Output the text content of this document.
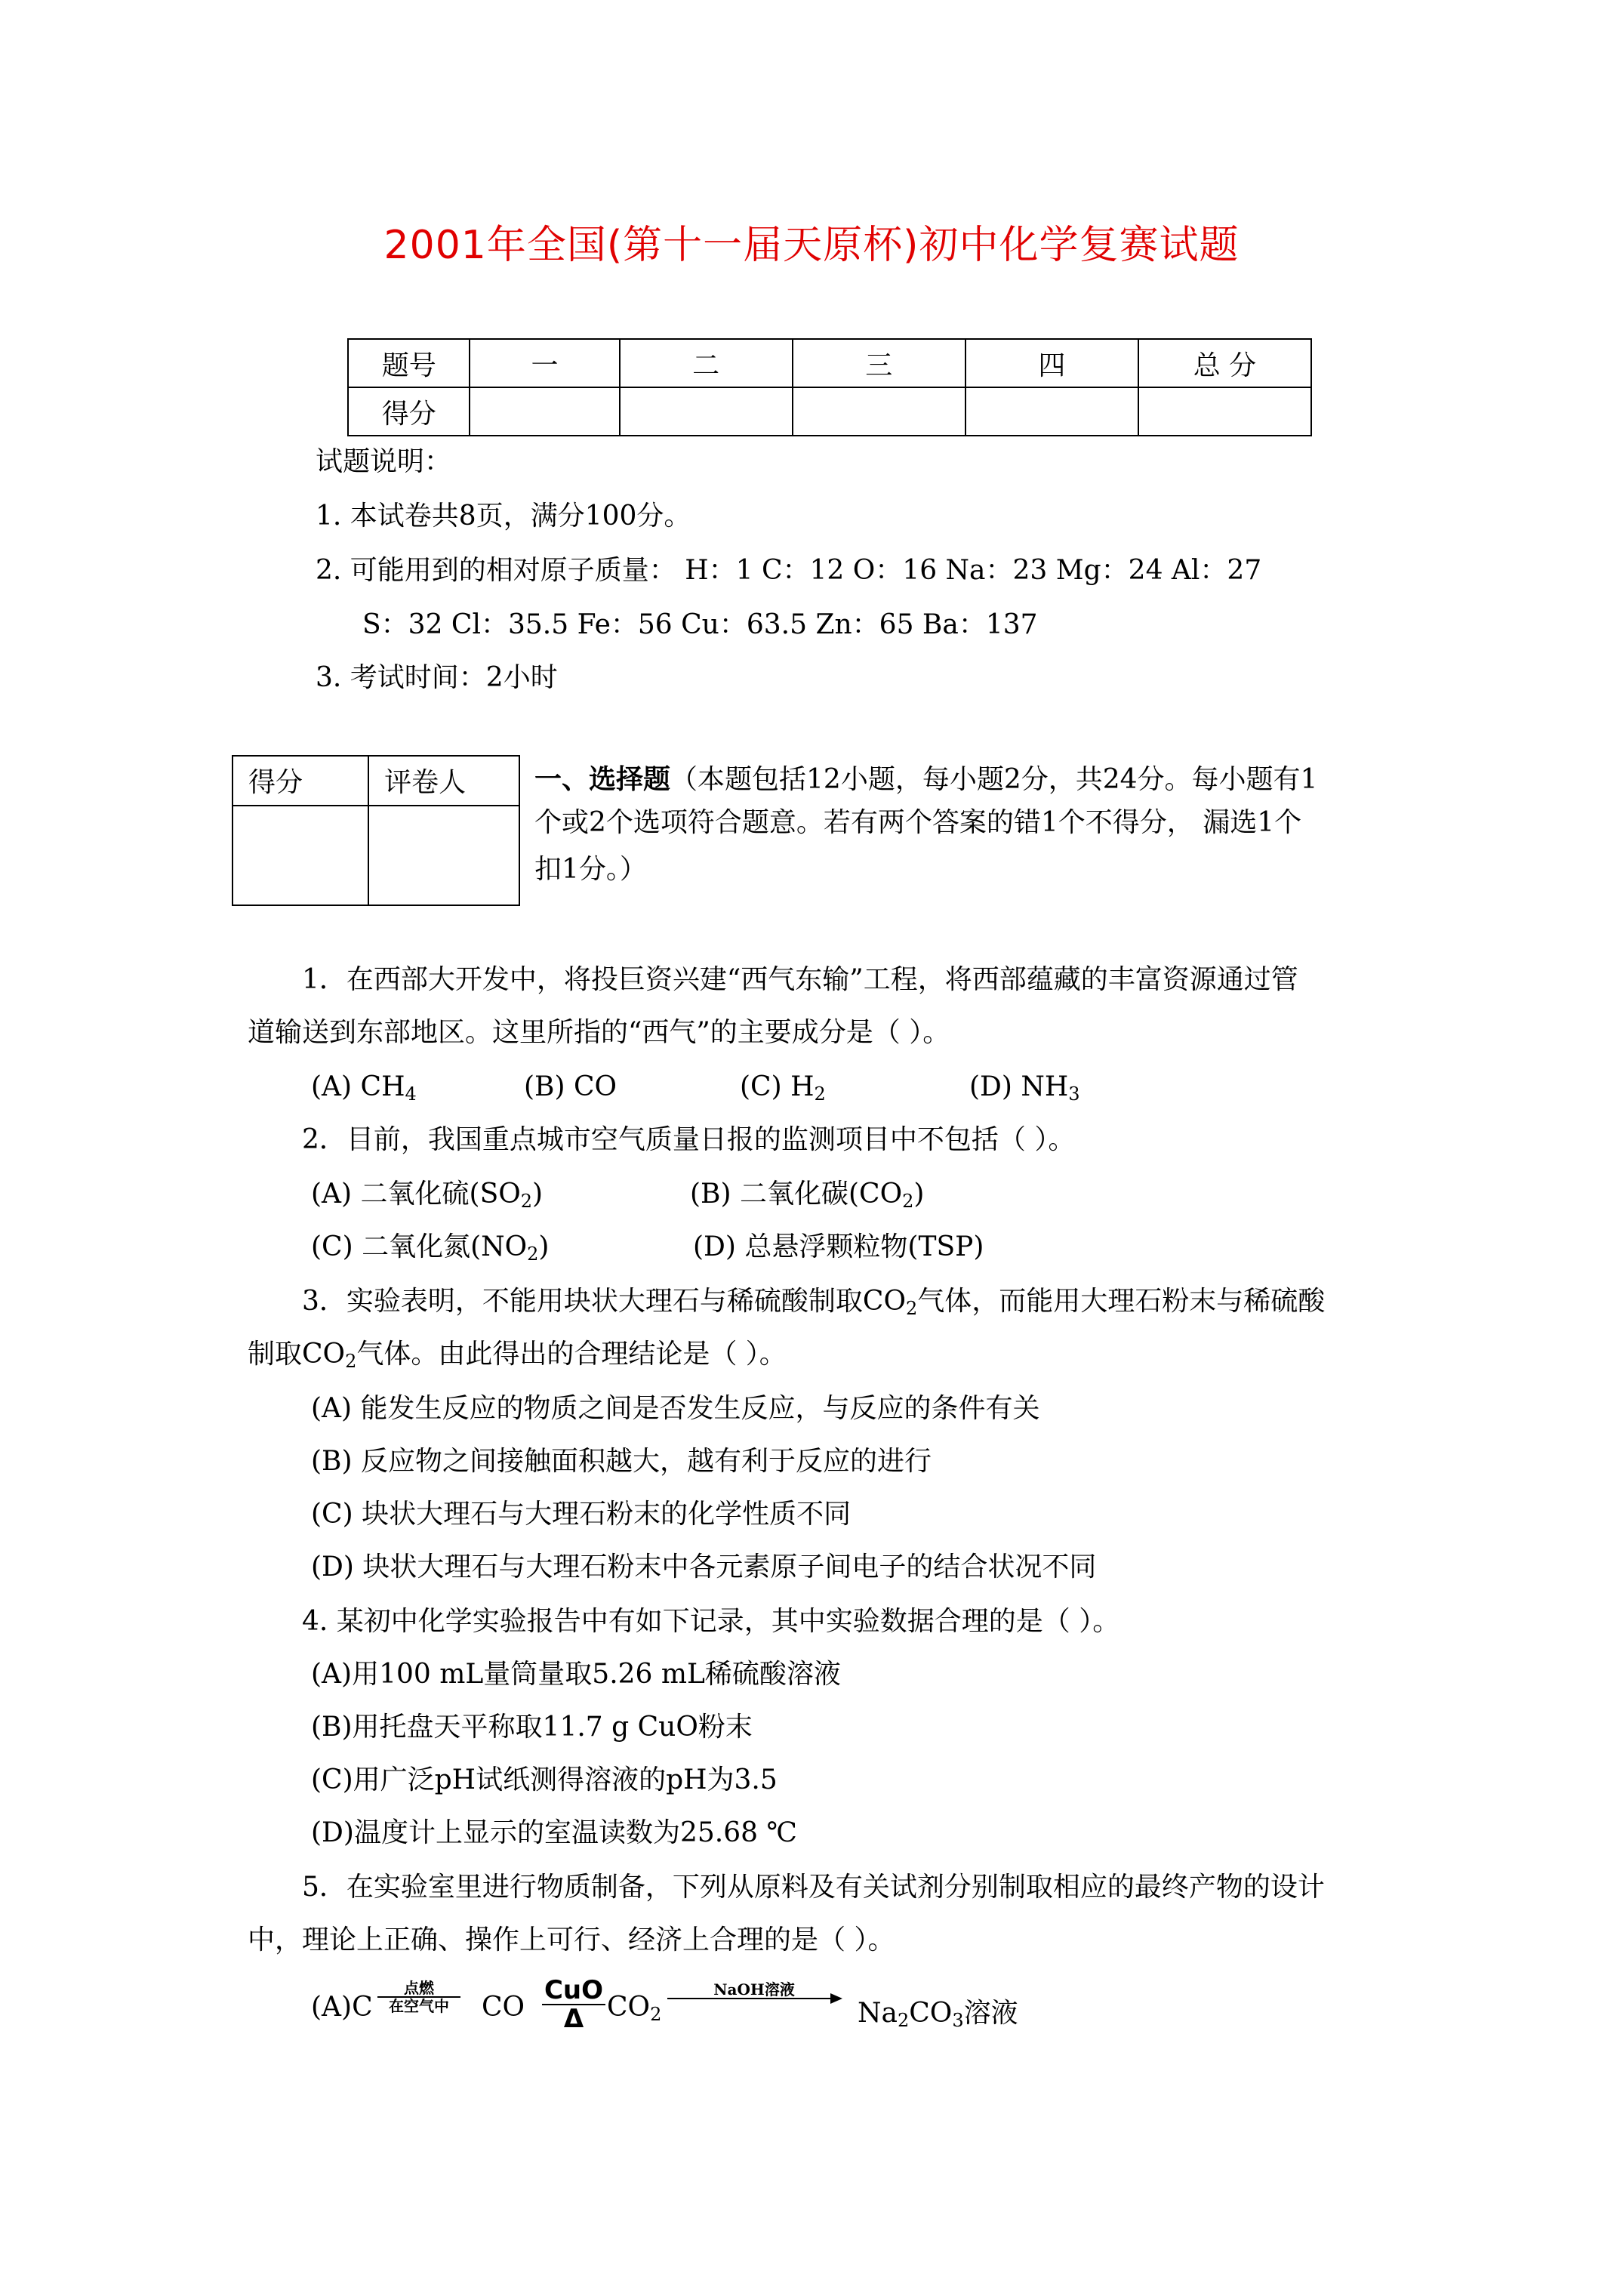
2001年全国(第十一届天原杯)初中化学复赛试题
题号	一	二	三	四	总 分
得分					
试题说明：
1. 本试卷共8页，满分100分。
2. 可能用到的相对原子质量： H：1 C：12 O：16 Na：23 Mg：24 Al：27
S：32 Cl：35.5 Fe：56 Cu：63.5 Zn：65 Ba：137
3. 考试时间：2小时
得分	评卷人
		一、选择题（本题包括12小题，每小题2分，共24分。每小题有1
个或2个选项符合题意。若有两个答案的错1个不得分， 漏选1个
扣1分。）
1．在西部大开发中，将投巨资兴建“西气东输”工程，将西部蕴藏的丰富资源通过管
道输送到东部地区。这里所指的“西气”的主要成分是（ ）。
(A) $CH_4$	(B) CO	(C) $H_2$	(D) $NH_3$
2．目前，我国重点城市空气质量日报的监测项目中不包括（ ）。
(A) 二氧化硫$(SO_2)$	(B) 二氧化碳$(CO_2)$
(C) 二氧化氮$(NO_2)$	(D) 总悬浮颗粒物(TSP)
3．实验表明，不能用块状大理石与稀硫酸制取$CO_2$气体，而能用大理石粉末与稀硫酸
制取$CO_2$气体。由此得出的合理结论是（ ）。
(A) 能发生反应的物质之间是否发生反应，与反应的条件有关
(B) 反应物之间接触面积越大，越有利于反应的进行
(C) 块状大理石与大理石粉末的化学性质不同
(D) 块状大理石与大理石粉末中各元素原子间电子的结合状况不同
4. 某初中化学实验报告中有如下记录，其中实验数据合理的是（ ）。
(A)用100 mL量筒量取5.26 mL稀硫酸溶液
(B)用托盘天平称取11.7 g CuO粉末
(C)用广泛pH试纸测得溶液的pH为3.5
(D)温度计上显示的室温读数为25.68 ℃
5．在实验室里进行物质制备，下列从原料及有关试剂分别制取相应的最终产物的设计
中，理论上正确、操作上可行、经济上合理的是（ ）。
(A)C
点燃
在空气中	CO
CuO
Δ $CO_2$
NaOH溶液
$Na_2CO_3$溶液
